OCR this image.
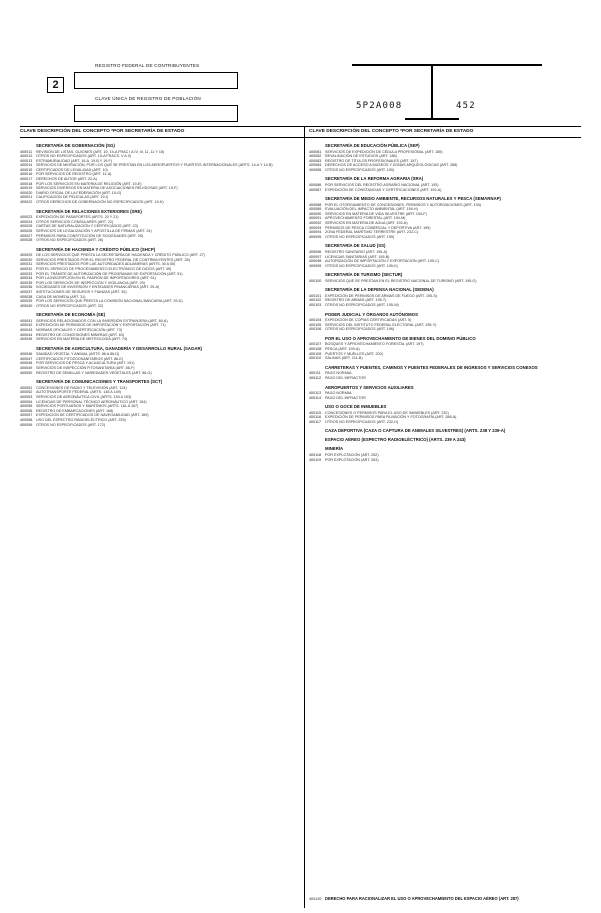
REGISTRO FEDERAL DE CONTRIBUYENTES
2
CLAVE ÚNICA DE REGISTRO DE POBLACIÓN
5P2A008	452
CLAVE DESCRIPCIÓN DEL CONCEPTO *POR SECRETARÍA DE ESTADO	CLAVE DESCRIPCIÓN DEL CONCEPTO *POR SECRETARÍA DE ESTADO
SECRETARÍA DE GOBERNACIÓN (SG)
400011	REVISIÓN DE LISTAS, GUIONES (ART. 19, 19-A FRAC I A IV, III, 11, 11 Y 15)
400012 OTROS NO ESPECIFICADOS (ART. 19-A FRACS. V A X)
400013 ESTRAMURALIDAD (ART. 19-A, 19-B Y 19-F)
400014 SERVICIOS DE MIGRACIÓN, POR LOS QUE SE PRESTAN EN LOS AEROPUERTOS Y PUERTOS INTERNACIONALES (ARTS. 14-A Y 14-B)
400015 CERTIFICADOS DE LEGALIDAD (ART. 10)
400016 POR SERVICIOS DE REGISTRO (ART. 11-A)
400017 DERECHOS DE AUTOR (ART. 22-A)
400018 POR LOS SERVICIOS EN MATERIA DE RELIGIÓN (ART. 19-E)
400019 SERVICIOS DIVERSOS EN MATERIA DE ASOCIACIONES RELIGIOSAS (ART. 19-F)
400020 DIARIO OFICIAL DE LA FEDERACIÓN (ART. 19-G)
400021 CALIFICACIÓN DE PELÍCULAS (ART. 19-I)
400022 OTROS DERECHOS DE GOBERNACIÓN NO ESPECIFICADOS (ART. 19-K)
SECRETARÍA DE RELACIONES EXTERIORES (SRE)
400023 EXPEDICIÓN DE PASAPORTES (ARTS. 20 Y 21)
400024 OTROS SERVICIOS CONSULARES (ART. 22)
400025 CARTAS DE NATURALIZACIÓN Y CERTIFICADOS (ART. 23)
400026 SERVICIOS DE LEGALIZACIÓN Y APOSTILLA DE FIRMAS (ART. 24)
400027 PERMISOS PARA CONSTITUCIÓN DE SOCIEDADES (ART. 25)
400028 OTROS NO ESPECIFICADOS (ART. 26)
SECRETARÍA DE HACIENDA Y CRÉDITO PÚBLICO (SHCP)
400029 DE LOS SERVICIOS QUE PRESTA LA SECRETARÍA DE HACIENDA Y CRÉDITO PÚBLICO (ART. 27)
400030 SERVICIOS PRESTADOS POR EL REGISTRO FEDERAL DE CONTRIBUYENTES (ART. 28)
400031 SERVICIOS PRESTADOS POR LAS AUTORIDADES ADUANERAS (ARTS. 40 A 50)
400032 POR EL SERVICIO DE PROCESAMIENTO ELECTRÓNICO DE DATOS (ART. 49)
400033 POR EL TRÁMITE DE AUTORIZACIÓN DE PROGRAMAS DE EXPORTACIÓN (ART. 51)
400034 POR LA INSCRIPCIÓN EN EL PADRÓN DE IMPORTADORES (ART. 51)
400035 POR LOS SERVICIOS DE INSPECCIÓN Y VIGILANCIA (ART. 29)
400036 SOCIEDADES DE INVERSIÓN Y ENTIDADES FINANCIERAS (ART. 29-A)
400037 INSTITUCIONES DE SEGUROS Y FIANZAS (ART. 30)
400038 CASA DE MONEDA (ART. 31)
400039 POR LOS SERVICIOS QUE PRESTA LA COMISIÓN NACIONAL BANCARIA (ART. 29-D)
400040 OTROS NO ESPECIFICADOS (ART. 32)
SECRETARÍA DE ECONOMÍA (SE)
400041 SERVICIOS RELACIONADOS CON LA INVERSIÓN EXTRANJERA (ART. 69-A)
400042 EXPEDICIÓN DE PERMISOS DE IMPORTACIÓN Y EXPORTACIÓN (ART. 71)
400043 NORMAS OFICIALES Y CERTIFICACIÓN (ART. 73)
400044 REGISTRO DE CONCESIONES MINERAS (ART. 63)
400045 SERVICIOS EN MATERIA DE METROLOGÍA (ART. 74)
SECRETARÍA DE AGRICULTURA, GANADERÍA Y DESARROLLO RURAL (SAGAR)
400046 SANIDAD VEGETAL Y ANIMAL (ARTS. 86 A 86-D)
400047 CERTIFICADOS FITOZOOSANITARIOS (ART. 86-E)
400048 POR SERVICIOS DE PESCA Y ACUACULTURA (ART. 191)
400049 SERVICIOS DE INSPECCIÓN FITOSANITARIA (ART. 86-F)
400050 REGISTRO DE SEMILLAS Y VARIEDADES VEGETALES (ART. 86-G)
SECRETARÍA DE COMUNICACIONES Y TRANSPORTES (SCT)
400051 CONCESIONES DE RADIO Y TELEVISIÓN (ART. 124)
400052 AUTOTRANSPORTE FEDERAL (ARTS. 148 A 149)
400053 SERVICIOS DE AERONÁUTICA CIVIL (ARTS. 150 A 153)
400054 LICENCIAS DE PERSONAL TÉCNICO AERONÁUTICO (ART. 154)
400055 SERVICIOS PORTUARIOS Y MARÍTIMOS (ARTS. 161 A 167)
400056 REGISTRO DE EMBARCACIONES (ART. 168)
400057 EXPEDICIÓN DE CERTIFICADOS DE NAVEGABILIDAD (ART. 169)
400058 USO DEL ESPECTRO RADIOELÉCTRICO (ART. 239)
400059 OTROS NO ESPECIFICADOS (ART. 172)
SECRETARÍA DE EDUCACIÓN PÚBLICA (SEP)
400081 SERVICIOS DE EXPEDICIÓN DE CÉDULA PROFESIONAL (ART. 185)
400082 REVALIDACIÓN DE ESTUDIOS (ART. 186)
400083 REGISTRO DE TÍTULOS PROFESIONALES (ART. 187)
400084 DERECHOS DE ACCESO A MUSEOS Y ZONAS ARQUEOLÓGICAS (ART. 288)
400085 OTROS NO ESPECIFICADOS (ART. 190)
SECRETARÍA DE LA REFORMA AGRARIA (SRA)
400086 POR SERVICIOS DEL REGISTRO AGRARIO NACIONAL (ART. 192)
400087 EXPEDICIÓN DE CONSTANCIAS Y CERTIFICACIONES (ART. 192-A)
SECRETARÍA DE MEDIO AMBIENTE, RECURSOS NATURALES Y PESCA (SEMARNAP)
400088 POR EL OTORGAMIENTO DE CONCESIONES, PERMISOS Y AUTORIZACIONES (ART. 194)
400089 EVALUACIÓN DEL IMPACTO AMBIENTAL (ART. 194-H)
400090 SERVICIOS EN MATERIA DE VIDA SILVESTRE (ART. 194-F)
400091 APROVECHAMIENTO FORESTAL (ART. 194-M)
400092 SERVICIOS EN MATERIA DE AGUA (ART. 192-A)
400093 PERMISOS DE PESCA COMERCIAL Y DEPORTIVA (ART. 199)
400094 ZONA FEDERAL MARÍTIMO TERRESTRE (ART. 232-C)
400095 OTROS NO ESPECIFICADOS (ART. 195)
SECRETARÍA DE SALUD (SS)
400096 REGISTRO SANITARIO (ART. 195-A)
400097 LICENCIAS SANITARIAS (ART. 195-B)
400098 AUTORIZACIÓN DE IMPORTACIÓN Y EXPORTACIÓN (ART. 195-C)
400099 OTROS NO ESPECIFICADOS (ART. 195-K)
SECRETARÍA DE TURISMO (SECTUR)
400100 SERVICIOS QUE SE PRESTAN EN EL REGISTRO NACIONAL DE TURISMO (ART. 195-O)
SECRETARÍA DE LA DEFENSA NACIONAL (SEDENA)
400101 EXPEDICIÓN DE PERMISOS DE ARMAS DE FUEGO (ART. 195-S)
400102 REGISTRO DE ARMAS (ART. 195-T)
400103 OTROS NO ESPECIFICADOS (ART. 195-W)
PODER JUDICIAL Y ÓRGANOS AUTÓNOMOS
400104 EXPEDICIÓN DE COPIAS CERTIFICADAS (ART. 5)
400105 SERVICIOS DEL INSTITUTO FEDERAL ELECTORAL (ART. 195-Y)
400106 OTROS NO ESPECIFICADOS (ART. 196)
POR EL USO O APROVECHAMIENTO DE BIENES DEL DOMINIO PÚBLICO
400107 BOSQUES Y APROVECHAMIENTO FORESTAL (ART. 197)
400108 PESCA (ART. 199-A)
400109 PUERTOS Y MUELLES (ART. 200)
400110	SALINAS (ART. 211-B)
CARRETERAS Y PUENTES, CAMINOS Y PUENTES FEDERALES DE INGRESOS Y SERVICIOS CONEXOS
400111	PAGO NORMAL
400112	PAGO DEL INFRACTOR
AEROPUERTOS Y SERVICIOS AUXILIARES
400113	PAGO NORMAL
400114	PAGO DEL INFRACTOR
USO O GOCE DE INMUEBLES
400115	CONCESIONES O PERMISOS PARA EL USO DE INMUEBLES (ART. 232)
400116	EXPEDICIÓN DE PERMISOS PARA FILMACIÓN Y FOTOGRAFÍA (ART. 288-A)
400117	OTROS NO ESPECIFICADOS (ART. 232-D)
CAZA DEPORTIVA (CAZA O CAPTURA DE ANIMALES SILVESTRES) (ARTS. 238 Y 239-A)
ESPACIO AÉREO (ESPECTRO RADIOELÉCTRICO) (ARTS. 239 A 243)
MINERÍA
400118	POR EXPLOTACIÓN (ART. 262)
400119	POR EXPLOTACIÓN (ART. 263)
400120 DERECHO PARA RACIONALIZAR EL USO O APROVECHAMIENTO DEL ESPACIO AÉREO (ART. 287)
